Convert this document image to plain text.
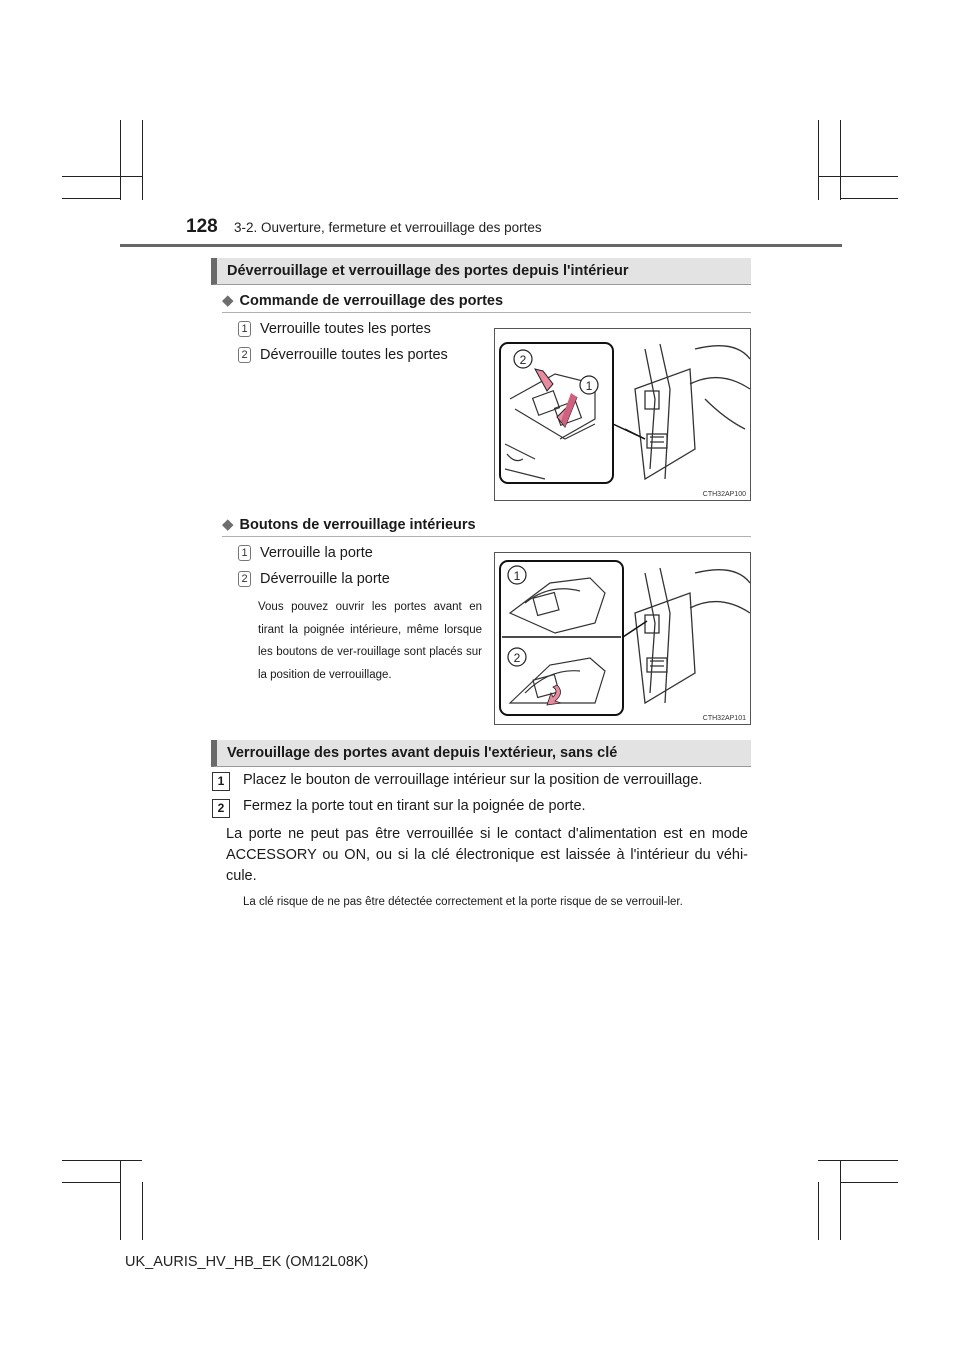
128 3-2. Ouverture, fermeture et verrouillage des portes
Déverrouillage et verrouillage des portes depuis l'intérieur
◆ Commande de verrouillage des portes
1 Verrouille toutes les portes
2 Déverrouille toutes les portes	2
1
CTH32AP100
◆ Boutons de verrouillage intérieurs
1 Verrouille la porte
2 Déverrouille la porte
Vous pouvez ouvrir les portes avant en tirant la poignée intérieure, même lorsque les boutons de ver-rouillage sont placés sur la position de verrouillage.
1
2
CTH32AP101
Verrouillage des portes avant depuis l'extérieur, sans clé
1	Placez le bouton de verrouillage intérieur sur la position de verrouillage.
2	Fermez la porte tout en tirant sur la poignée de porte.
La porte ne peut pas être verrouillée si le contact d'alimentation est en mode ACCESSORY ou ON, ou si la clé électronique est laissée à l'intérieur du véhi-cule.
La clé risque de ne pas être détectée correctement et la porte risque de se verrouil-ler.
UK_AURIS_HV_HB_EK (OM12L08K)
